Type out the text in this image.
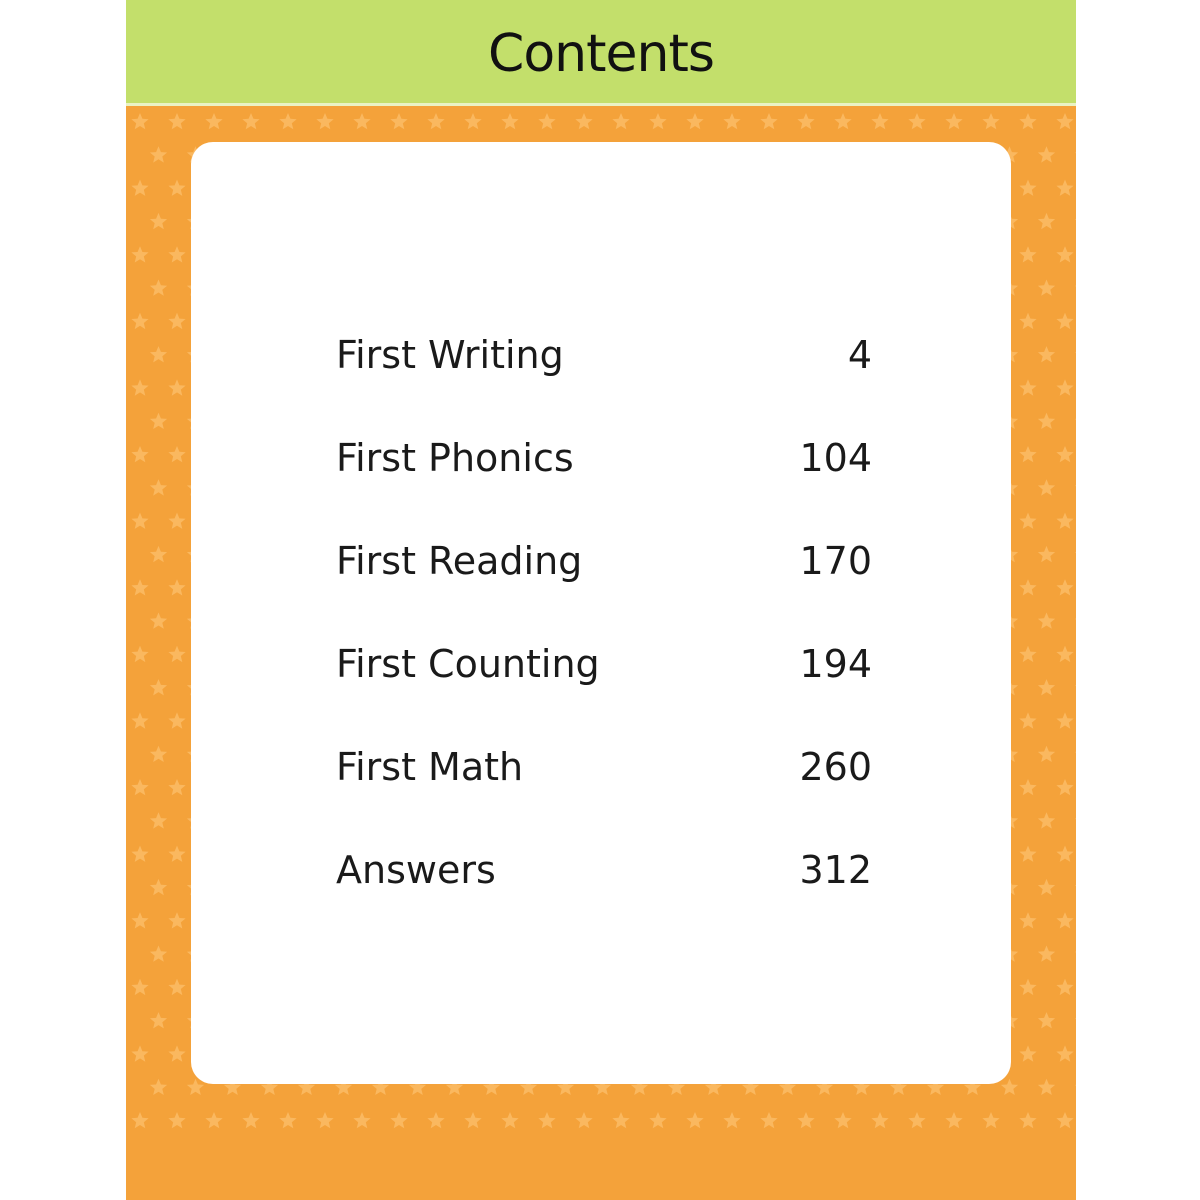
Contents
First Writing	4
First Phonics	104
First Reading	170
First Counting	194
First Math	260
Answers	312
